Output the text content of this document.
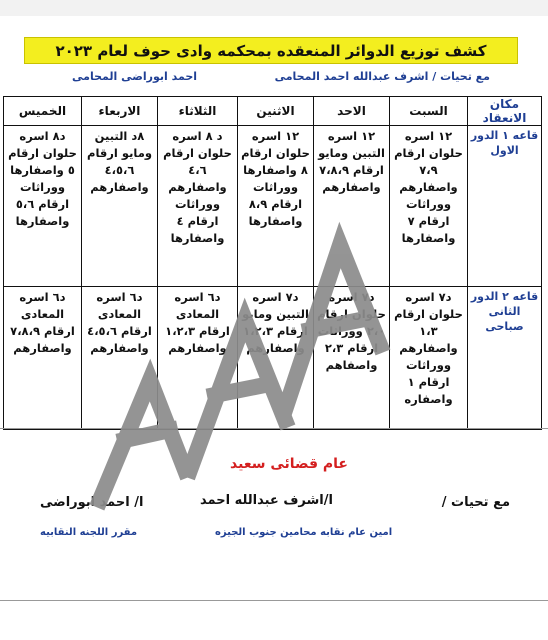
كشف توزيع الدوائر المنعقده بمحكمه وادى حوف لعام ٢٠٢٣
مع تحيات / اشرف عبدالله احمد المحامى
احمد ابوراضى المحامى
مكان الانعقاد	السبت	الاحد	الاثنين	الثلاثاء	الاربعاء	الخميس
قاعه ١ الدور الاول	١٢ اسره حلوان ارقام ٧،٩ واصفارهم ووراثات ارقام ٧ واصفارها	١٢ اسره التبين ومايو ارقام ٧،٨،٩ واصفارهم	١٢ اسره حلوان ارقام ٨ واصفارها ووراثات ارقام ٨،٩ واصفارها	د ٨ اسره حلوان ارقام ٤،٦ واصفارهم ووراثات ارقام ٤ واصفارها	٨د التبين ومايو ارقام ٤،٥،٦ واصفارهم	د٨ اسره حلوان ارقام ٥ واصفارها ووراثات ارقام ٥،٦ واصفارها
قاعه ٢ الدور الثانى صباحى	د٧ اسره حلوان ارقام ١،٣ واصفارهم ووراثات ارقام ١ واصفاره	د٧ اسره حلوان ارقام ٢،٠ ووراثات ارقام ٢،٣ واصفاهم	د٧ اسره التبين ومايو ارقام ١،٢،٣ واصفارهم	د٦ اسره المعادى ارقام ١،٢،٣ واصفارهم	د٦ اسره المعادى ارقام ٤،٥،٦ واصفارهم	د٦ اسره المعادى ارقام ٧،٨،٩ واصفارهم
عام قضائى سعيد
مع تحيات /
ا/اشرف عبدالله احمد
ا/ احمد ابوراضى
امين عام نقابه محامين جنوب الجيزه
مقرر اللجنه النقابيه
